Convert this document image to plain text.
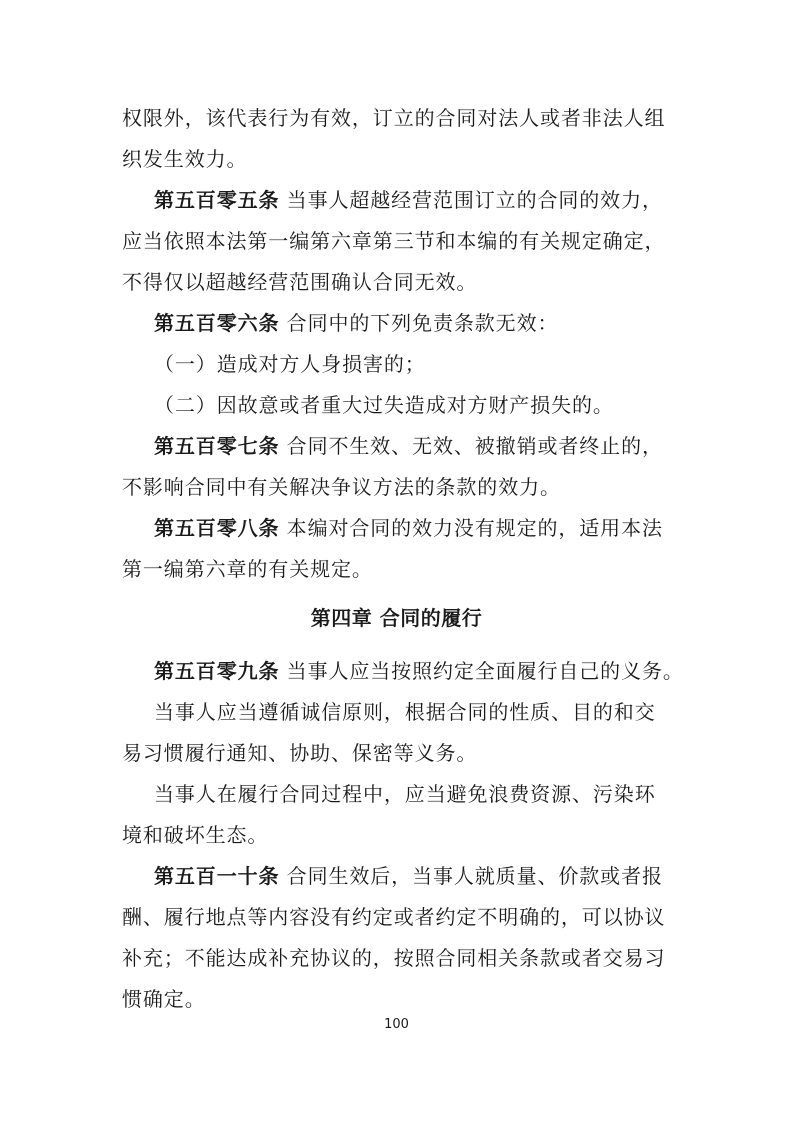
权限外，该代表行为有效，订立的合同对法人或者非法人组
织发生效力。
第五百零五条 当事人超越经营范围订立的合同的效力，
应当依照本法第一编第六章第三节和本编的有关规定确定，
不得仅以超越经营范围确认合同无效。
第五百零六条 合同中的下列免责条款无效：
（一）造成对方人身损害的；
（二）因故意或者重大过失造成对方财产损失的。
第五百零七条 合同不生效、无效、被撤销或者终止的，
不影响合同中有关解决争议方法的条款的效力。
第五百零八条 本编对合同的效力没有规定的，适用本法
第一编第六章的有关规定。
第四章 合同的履行
第五百零九条 当事人应当按照约定全面履行自己的义务。
当事人应当遵循诚信原则，根据合同的性质、目的和交
易习惯履行通知、协助、保密等义务。
当事人在履行合同过程中，应当避免浪费资源、污染环
境和破坏生态。
第五百一十条 合同生效后，当事人就质量、价款或者报
酬、履行地点等内容没有约定或者约定不明确的，可以协议
补充；不能达成补充协议的，按照合同相关条款或者交易习
惯确定。
100
